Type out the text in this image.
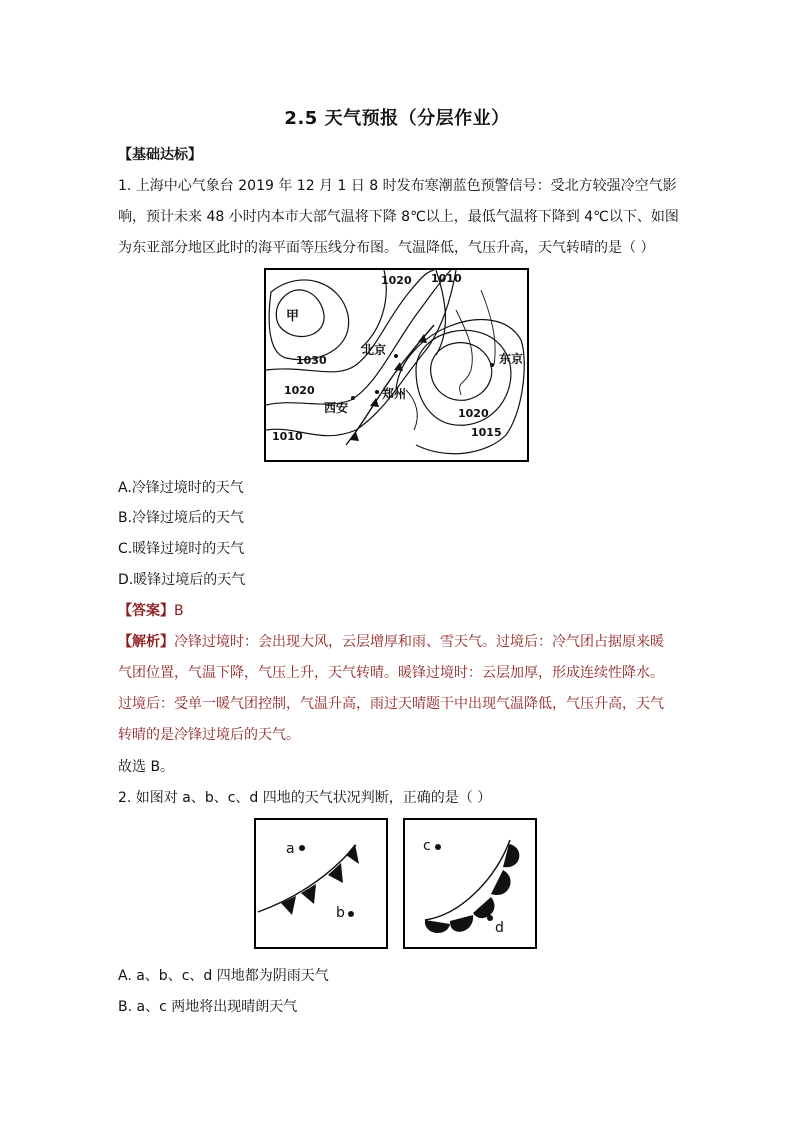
2.5 天气预报（分层作业）
【基础达标】
1. 上海中心气象台 2019 年 12 月 1 日 8 时发布寒潮蓝色预警信号：受北方较强冷空气影
响，预计未来 48 小时内本市大部气温将下降 8℃以上，最低气温将下降到 4℃以下、如图
为东亚部分地区此时的海平面等压线分布图。气温降低，气压升高，天气转晴的是（ ）
1020 1010
甲
1030
北京
东京
1020	郑州
西安	1020
1015
1010
A.冷锋过境时的天气
B.冷锋过境后的天气
C.暖锋过境时的天气
D.暖锋过境后的天气
【答案】B
【解析】冷锋过境时：会出现大风，云层增厚和雨、雪天气。过境后：冷气团占据原来暖
气团位置，气温下降，气压上升，天气转晴。暖锋过境时：云层加厚，形成连续性降水。
过境后：受单一暖气团控制，气温升高，雨过天晴题干中出现气温降低，气压升高，天气
转晴的是冷锋过境后的天气。
故选 B。
2. 如图对 a、b、c、d 四地的天气状况判断，正确的是（ ）
a
b
c
d
A. a、b、c、d 四地都为阴雨天气
B. a、c 两地将出现晴朗天气
